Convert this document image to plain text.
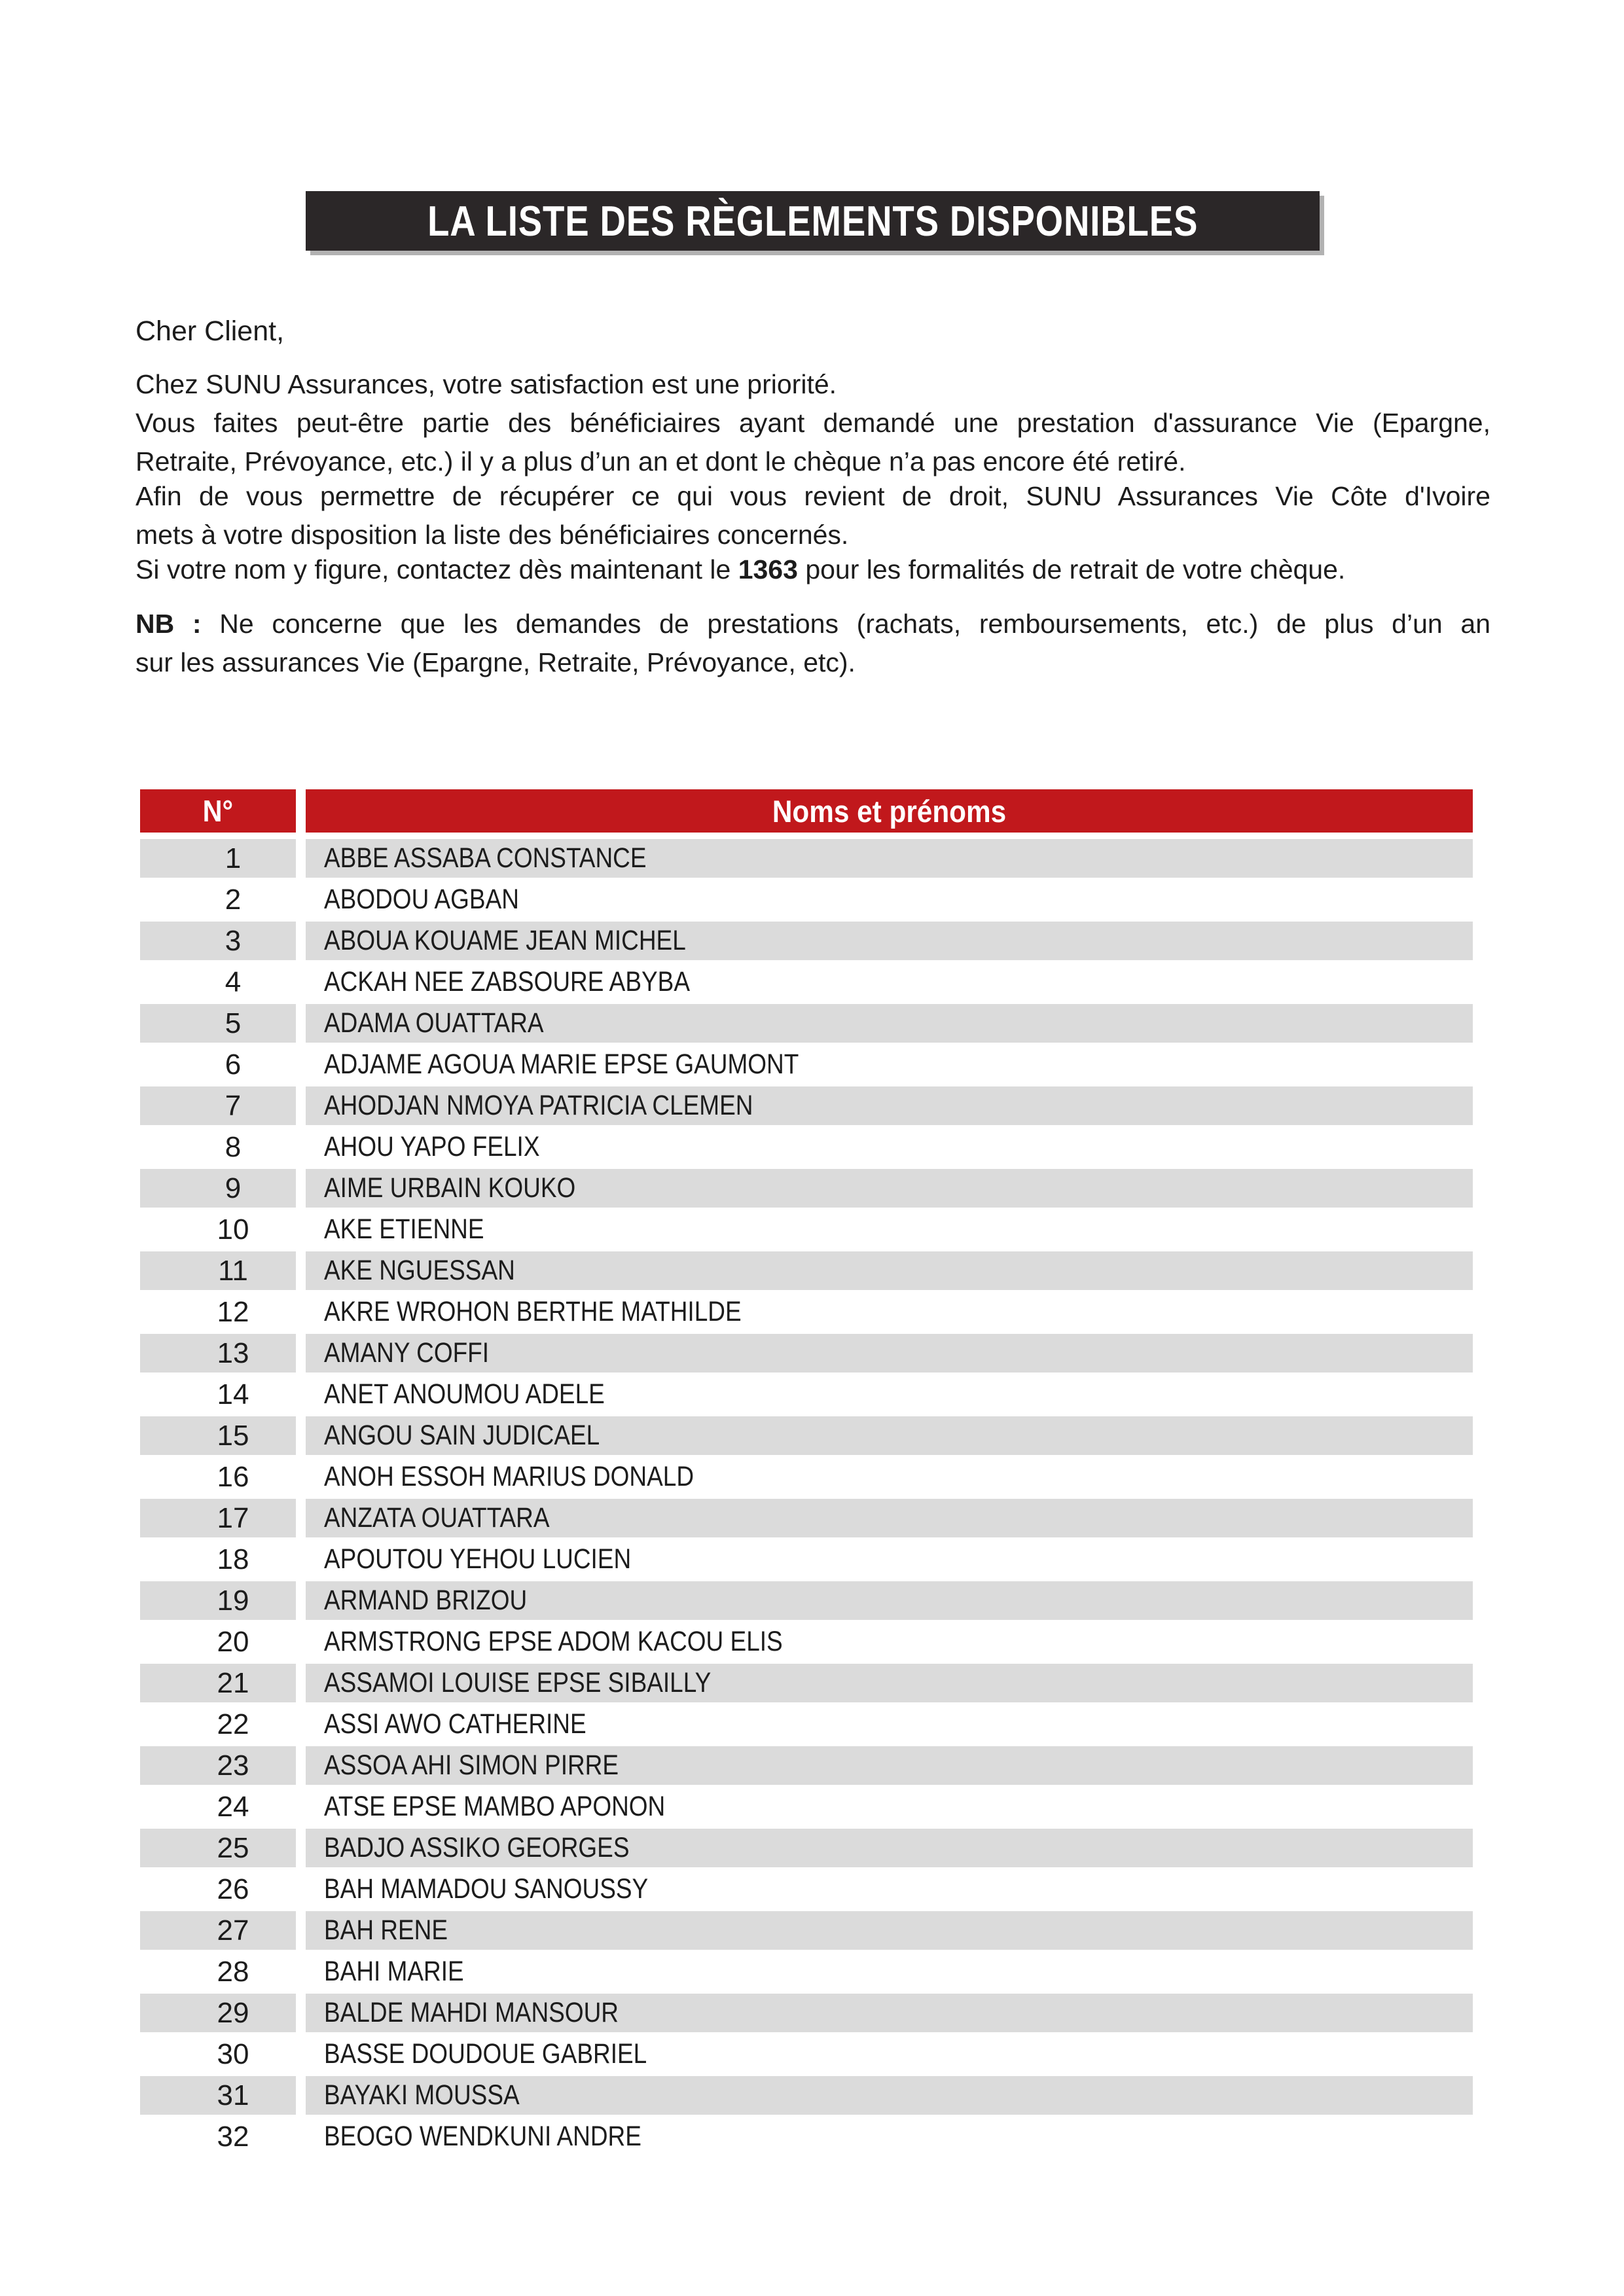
LA LISTE DES RÈGLEMENTS DISPONIBLES
Cher Client,
Chez SUNU Assurances, votre satisfaction est une priorité.
Vous faites peut-être partie des bénéficiaires ayant demandé une prestation d'assurance Vie (Epargne,
Retraite, Prévoyance, etc.) il y a plus d’un an et dont le chèque n’a pas encore été retiré.
Afin de vous permettre de récupérer ce qui vous revient de droit, SUNU Assurances Vie Côte d'Ivoire
mets à votre disposition la liste des bénéficiaires concernés.
Si votre nom y figure, contactez dès maintenant le 1363 pour les formalités de retrait de votre chèque.
NB : Ne concerne que les demandes de prestations (rachats, remboursements, etc.) de plus d’un an
sur les assurances Vie (Epargne, Retraite, Prévoyance, etc).
N°	Noms et prénoms
1	ABBE ASSABA CONSTANCE
2	ABODOU AGBAN
3	ABOUA KOUAME JEAN MICHEL
4	ACKAH NEE ZABSOURE ABYBA
5	ADAMA OUATTARA
6	ADJAME AGOUA MARIE EPSE GAUMONT
7	AHODJAN NMOYA PATRICIA CLEMEN
8	AHOU YAPO FELIX
9	AIME URBAIN KOUKO
10	AKE ETIENNE
11	AKE NGUESSAN
12	AKRE WROHON BERTHE MATHILDE
13	AMANY COFFI
14	ANET ANOUMOU ADELE
15	ANGOU SAIN JUDICAEL
16	ANOH ESSOH MARIUS DONALD
17	ANZATA OUATTARA
18	APOUTOU YEHOU LUCIEN
19	ARMAND BRIZOU
20	ARMSTRONG EPSE ADOM KACOU ELIS
21	ASSAMOI LOUISE EPSE SIBAILLY
22	ASSI AWO CATHERINE
23	ASSOA AHI SIMON PIRRE
24	ATSE EPSE MAMBO APONON
25	BADJO ASSIKO GEORGES
26	BAH MAMADOU SANOUSSY
27	BAH RENE
28	BAHI MARIE
29	BALDE MAHDI MANSOUR
30	BASSE DOUDOUE GABRIEL
31	BAYAKI MOUSSA
32	BEOGO WENDKUNI ANDRE
